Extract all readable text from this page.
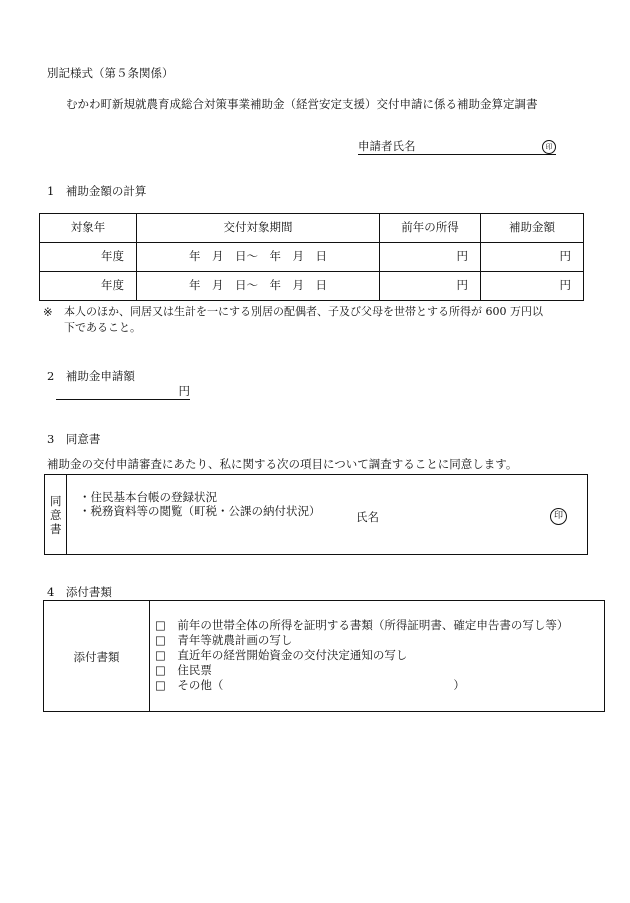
別記様式（第５条関係）
むかわ町新規就農育成総合対策事業補助金（経営安定支援）交付申請に係る補助金算定調書
申請者氏名	印
1　補助金額の計算
対象年	交付対象期間	前年の所得	補助金額
年度	年　月　日～　年　月　日	円	円
年度	年　月　日～　年　月　日	円	円
※ 本人のほか、同居又は生計を一にする別居の配偶者、子及び父母を世帯とする所得が 600 万円以
下であること。
2　補助金申請額
円
3　同意書
補助金の交付申請審査にあたり、私に関する次の項目について調査することに同意します。
同
意
書
・住民基本台帳の登録状況
・税務資料等の閲覧（町税・公課の納付状況）	氏名	印
4　添付書類
添付書類
□　前年の世帯全体の所得を証明する書類（所得証明書、確定申告書の写し等）
□　青年等就農計画の写し
□　直近年の経営開始資金の交付決定通知の写し
□　住民票
□　その他（　　　　　　　　　　　　　　　　　　　　）
